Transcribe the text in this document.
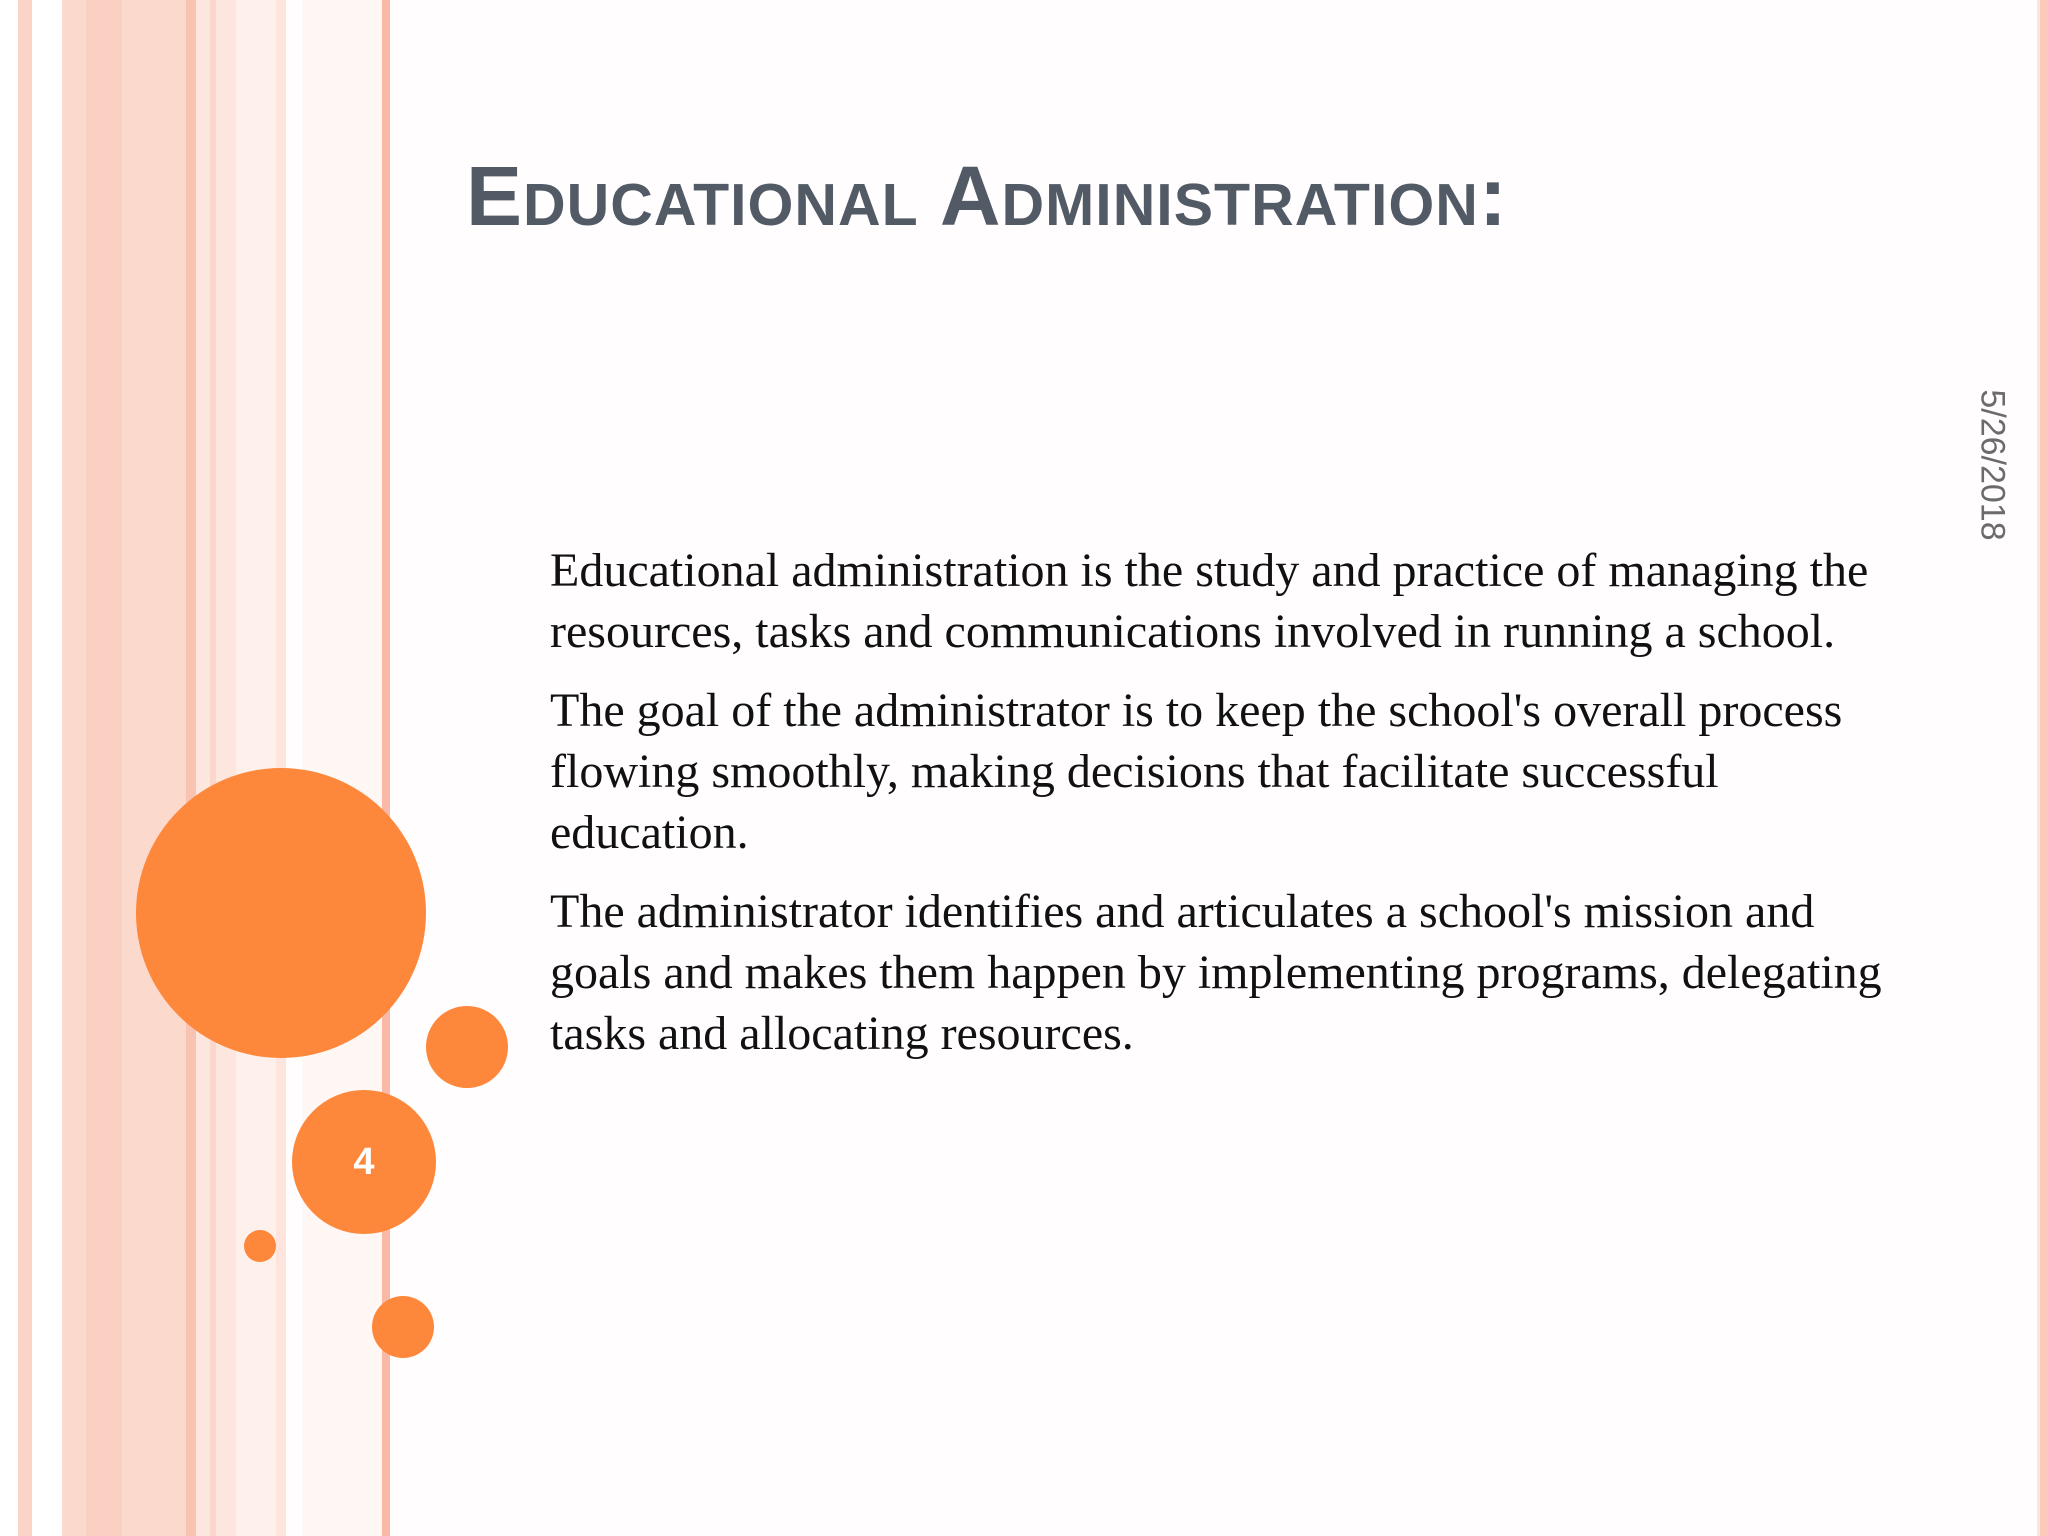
Educational Administration:
5/26/2018

Educational administration is the study and practice of managing the resources, tasks and communications involved in running a school.

The goal of the administrator is to keep the school's overall process flowing smoothly, making decisions that facilitate successful education.

The administrator identifies and articulates a school's mission and goals and makes them happen by implementing programs, delegating tasks and allocating resources.

4
